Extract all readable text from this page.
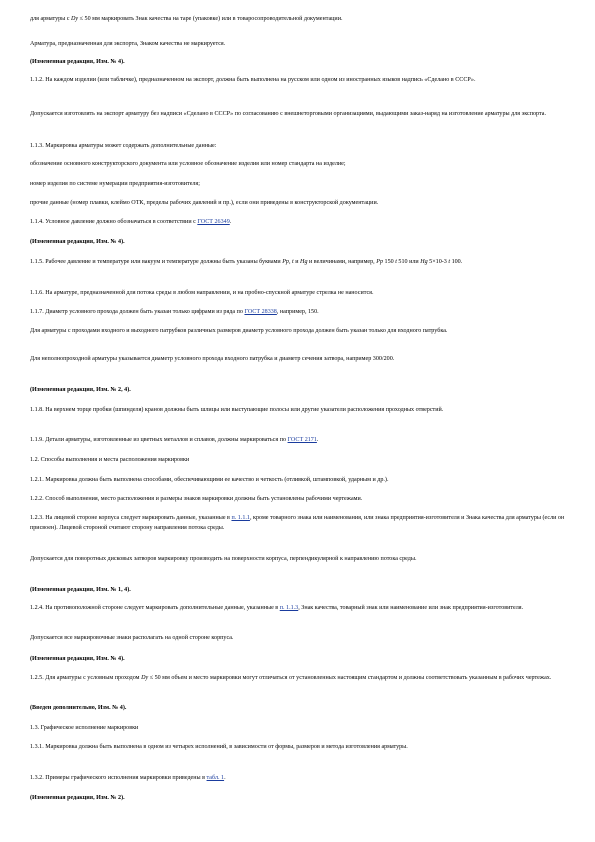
для арматуры с Dy ≤ 50 мм маркировать Знак качества на таре (упаковке) или в товаросопроводительной документации.

Арматура, предназначенная для экспорта, Знаком качества не маркируется.

(Измененная редакция, Изм. № 4).

1.1.2. На каждом изделии (или табличке), предназначенном на экспорт, должна быть выполнена на русском или одном из иностранных языков надпись «Сделано в СССР».

Допускается изготовлять на экспорт арматуру без надписи «Сделано в СССР» по согласованию с внешнеторговыми организациями, выдающими заказ-наряд на изготовление арматуры для экспорта.

1.1.3. Маркировка арматуры может содержать дополнительные данные:

обозначение основного конструкторского документа или условное обозначение изделия или номер стандарта на изделие;

номер изделия по системе нумерации предприятия-изготовителя;

прочие данные (номер плавки, клеймо ОТК, пределы рабочих давлений и пр.), если они приведены в конструкторской документации.

1.1.4. Условное давление должно обозначаться в соответствии с ГОСТ 26349.

(Измененная редакция, Изм. № 4).

1.1.5. Рабочее давление и температуре или вакуум и температуре должны быть указаны буквами Pp, t и Hg и величинами, например, Pp 150 t 510 или Hg 5×10-3 t 100.

1.1.6. На арматуре, предназначенной для потока среды в любом направлении, и на пробно-спускной арматуре стрелка не наносится.

1.1.7. Диаметр условного прохода должен быть указан только цифрами из ряда по ГОСТ 28338, например, 150.

Для арматуры с проходами входного и выходного патрубков различных размеров диаметр условного прохода должен быть указан только для входного патрубка.

Для неполнопроходной арматуры указывается диаметр условного прохода входного патрубка и диаметр сечения затвора, например 300/200.

(Измененная редакция, Изм. № 2, 4).

1.1.8. На верхнем торце пробки (шпинделя) кранов должны быть шлицы или выступающие полосы или другие указатели расположения проходных отверстий.

1.1.9. Детали арматуры, изготовленные из цветных металлов и сплавов, должны маркироваться по ГОСТ 2171.

1.2. Способы выполнения и места расположения маркировки

1.2.1. Маркировка должна быть выполнена способами, обеспечивающими ее качество и четкость (отливкой, штамповкой, ударным и др.).

1.2.2. Способ выполнения, место расположения и размеры знаков маркировки должны быть установлены рабочими чертежами.

1.2.3. На лицевой стороне корпуса следует маркировать данные, указанные в п. 1.1.1, кроме товарного знака или наименования, или знака предприятия-изготовителя и Знака качества для арматуры (если он присвоен). Лицевой стороной считают сторону направления потока среды.

Допускается для поворотных дисковых затворов маркировку производить на поверхности корпуса, перпендикулярной к направлению потока среды.

(Измененная редакция, Изм. № 1, 4).

1.2.4. На противоположной стороне следует маркировать дополнительные данные, указанные в п. 1.1.3, Знак качества, товарный знак или наименование или знак предприятия-изготовителя.

Допускается все маркировочные знаки располагать на одной стороне корпуса.

(Измененная редакция, Изм. № 4).

1.2.5. Для арматуры с условным проходом Dy ≤ 50 мм объем и место маркировки могут отличаться от установленных настоящим стандартом и должны соответствовать указанным в рабочих чертежах.

(Введен дополнительно, Изм. № 4).

1.3. Графическое исполнение маркировки

1.3.1. Маркировка должна быть выполнена в одном из четырех исполнений, в зависимости от формы, размеров и метода изготовления арматуры.

1.3.2. Примеры графического исполнения маркировки приведены в табл. 1.

(Измененная редакция, Изм. № 2).
